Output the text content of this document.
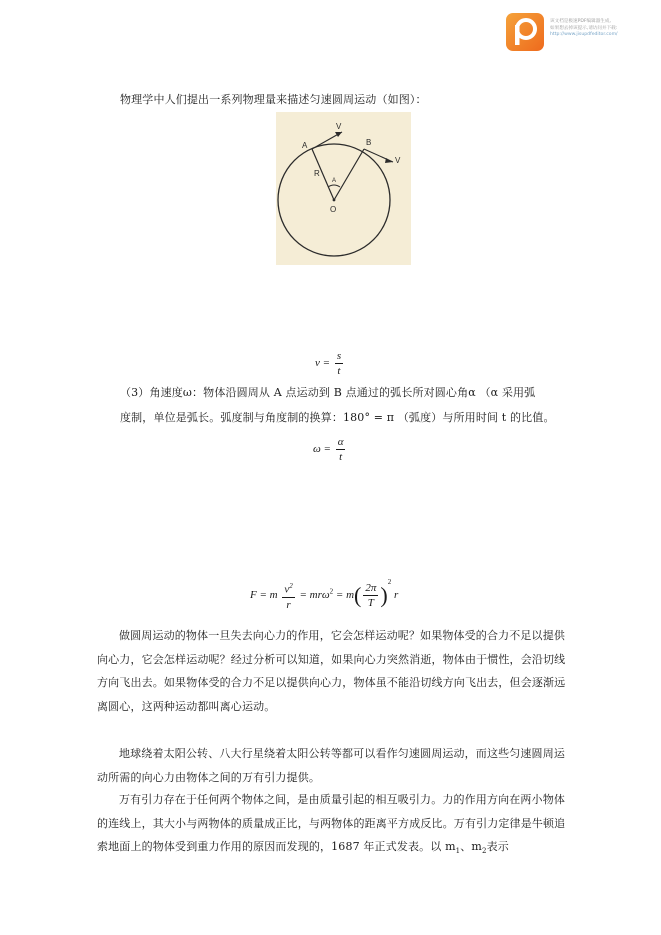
该文档是极速PDF编辑器生成,
如果想去掉该提示,请访问并下载:
http://www.jisupdfeditor.com/

物理学中人们提出一系列物理量来描述匀速圆周运动（如图）：

A	B
V
V
R
O
A
$v = \frac{s}{t}$
（3）角速度ω：物体沿圆周从 A 点运动到 B 点通过的弧长所对圆心角α （α 采用弧
度制，单位是弧长。弧度制与角度制的换算：180° = π （弧度）与所用时间 t 的比值。
$\omega = \frac{\alpha}{t}$
F = m $\frac{v^2}{r} = mr\omega^2 = m( \frac{2\pi}{T} )^2$ r

做圆周运动的物体一旦失去向心力的作用，它会怎样运动呢？如果物体受的合力不足以提供向心力，它会怎样运动呢？经过分析可以知道，如果向心力突然消逝，物体由于惯性，会沿切线方向飞出去。如果物体受的合力不足以提供向心力，物体虽不能沿切线方向飞出去，但会逐渐远离圆心，这两种运动都叫离心运动。

地球绕着太阳公转、八大行星绕着太阳公转等都可以看作匀速圆周运动，而这些匀速圆周运动所需的向心力由物体之间的万有引力提供。

万有引力存在于任何两个物体之间，是由质量引起的相互吸引力。力的作用方向在两小物体的连线上，其大小与两物体的质量成正比，与两物体的距离平方成反比。万有引力定律是牛顿追索地面上的物体受到重力作用的原因而发现的，1687 年正式发表。以 $m_1$、$m_2$表示
